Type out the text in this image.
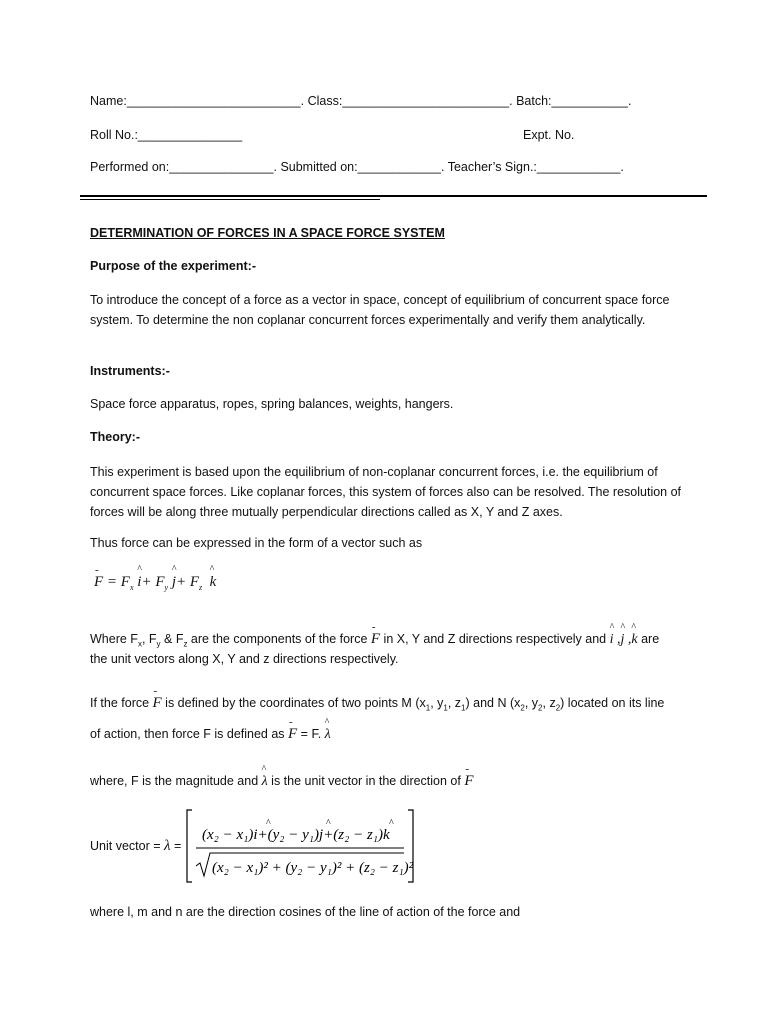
Name:_________________________. Class:________________________. Batch:___________.
Roll No.:_______________	Expt. No.
Performed on:_______________. Submitted on:____________. Teacher’s Sign.:____________.
DETERMINATION OF FORCES IN A SPACE FORCE SYSTEM
Purpose of the experiment:-
To introduce the concept of a force as a vector in space, concept of equilibrium of concurrent space force system. To determine the non coplanar concurrent forces experimentally and verify them analytically.
Instruments:-
Space force apparatus, ropes, spring balances, weights, hangers.
Theory:-
This experiment is based upon the equilibrium of non-coplanar concurrent forces, i.e. the equilibrium of concurrent space forces. Like coplanar forces, this system of forces also can be resolved. The resolution of forces will be along three mutually perpendicular directions called as X, Y and Z axes.
Thus force can be expressed in the form of a vector such as
- $F = F_x$ ^ $i+ F_y$ ^ $j+ F_z$ ^ k
Where $F_x$, $F_y$ & $F_z$ are the components of the force - F in X, Y and Z directions respectively and ^ i ,^ j ,^ k are
the unit vectors along X, Y and z directions respectively.
If the force - F is defined by the coordinates of two points M ($x_1$, $y_1$, $z_1$) and N ($x_2$, $y_2$, $z_2$) located on its line
of action, then force F is defined as - F = F. ^ λ
where, F is the magnitude and ^ λ is the unit vector in the direction of - F
Unit vector = λ =
(x₂ − x₁)i+(y₂ − y₁)j+(z₂ − z₁)k
^	^	^
(x₂ − x₁)² + (y₂ − y₁)² + (z₂ − z₁)²
where l, m and n are the direction cosines of the line of action of the force and
